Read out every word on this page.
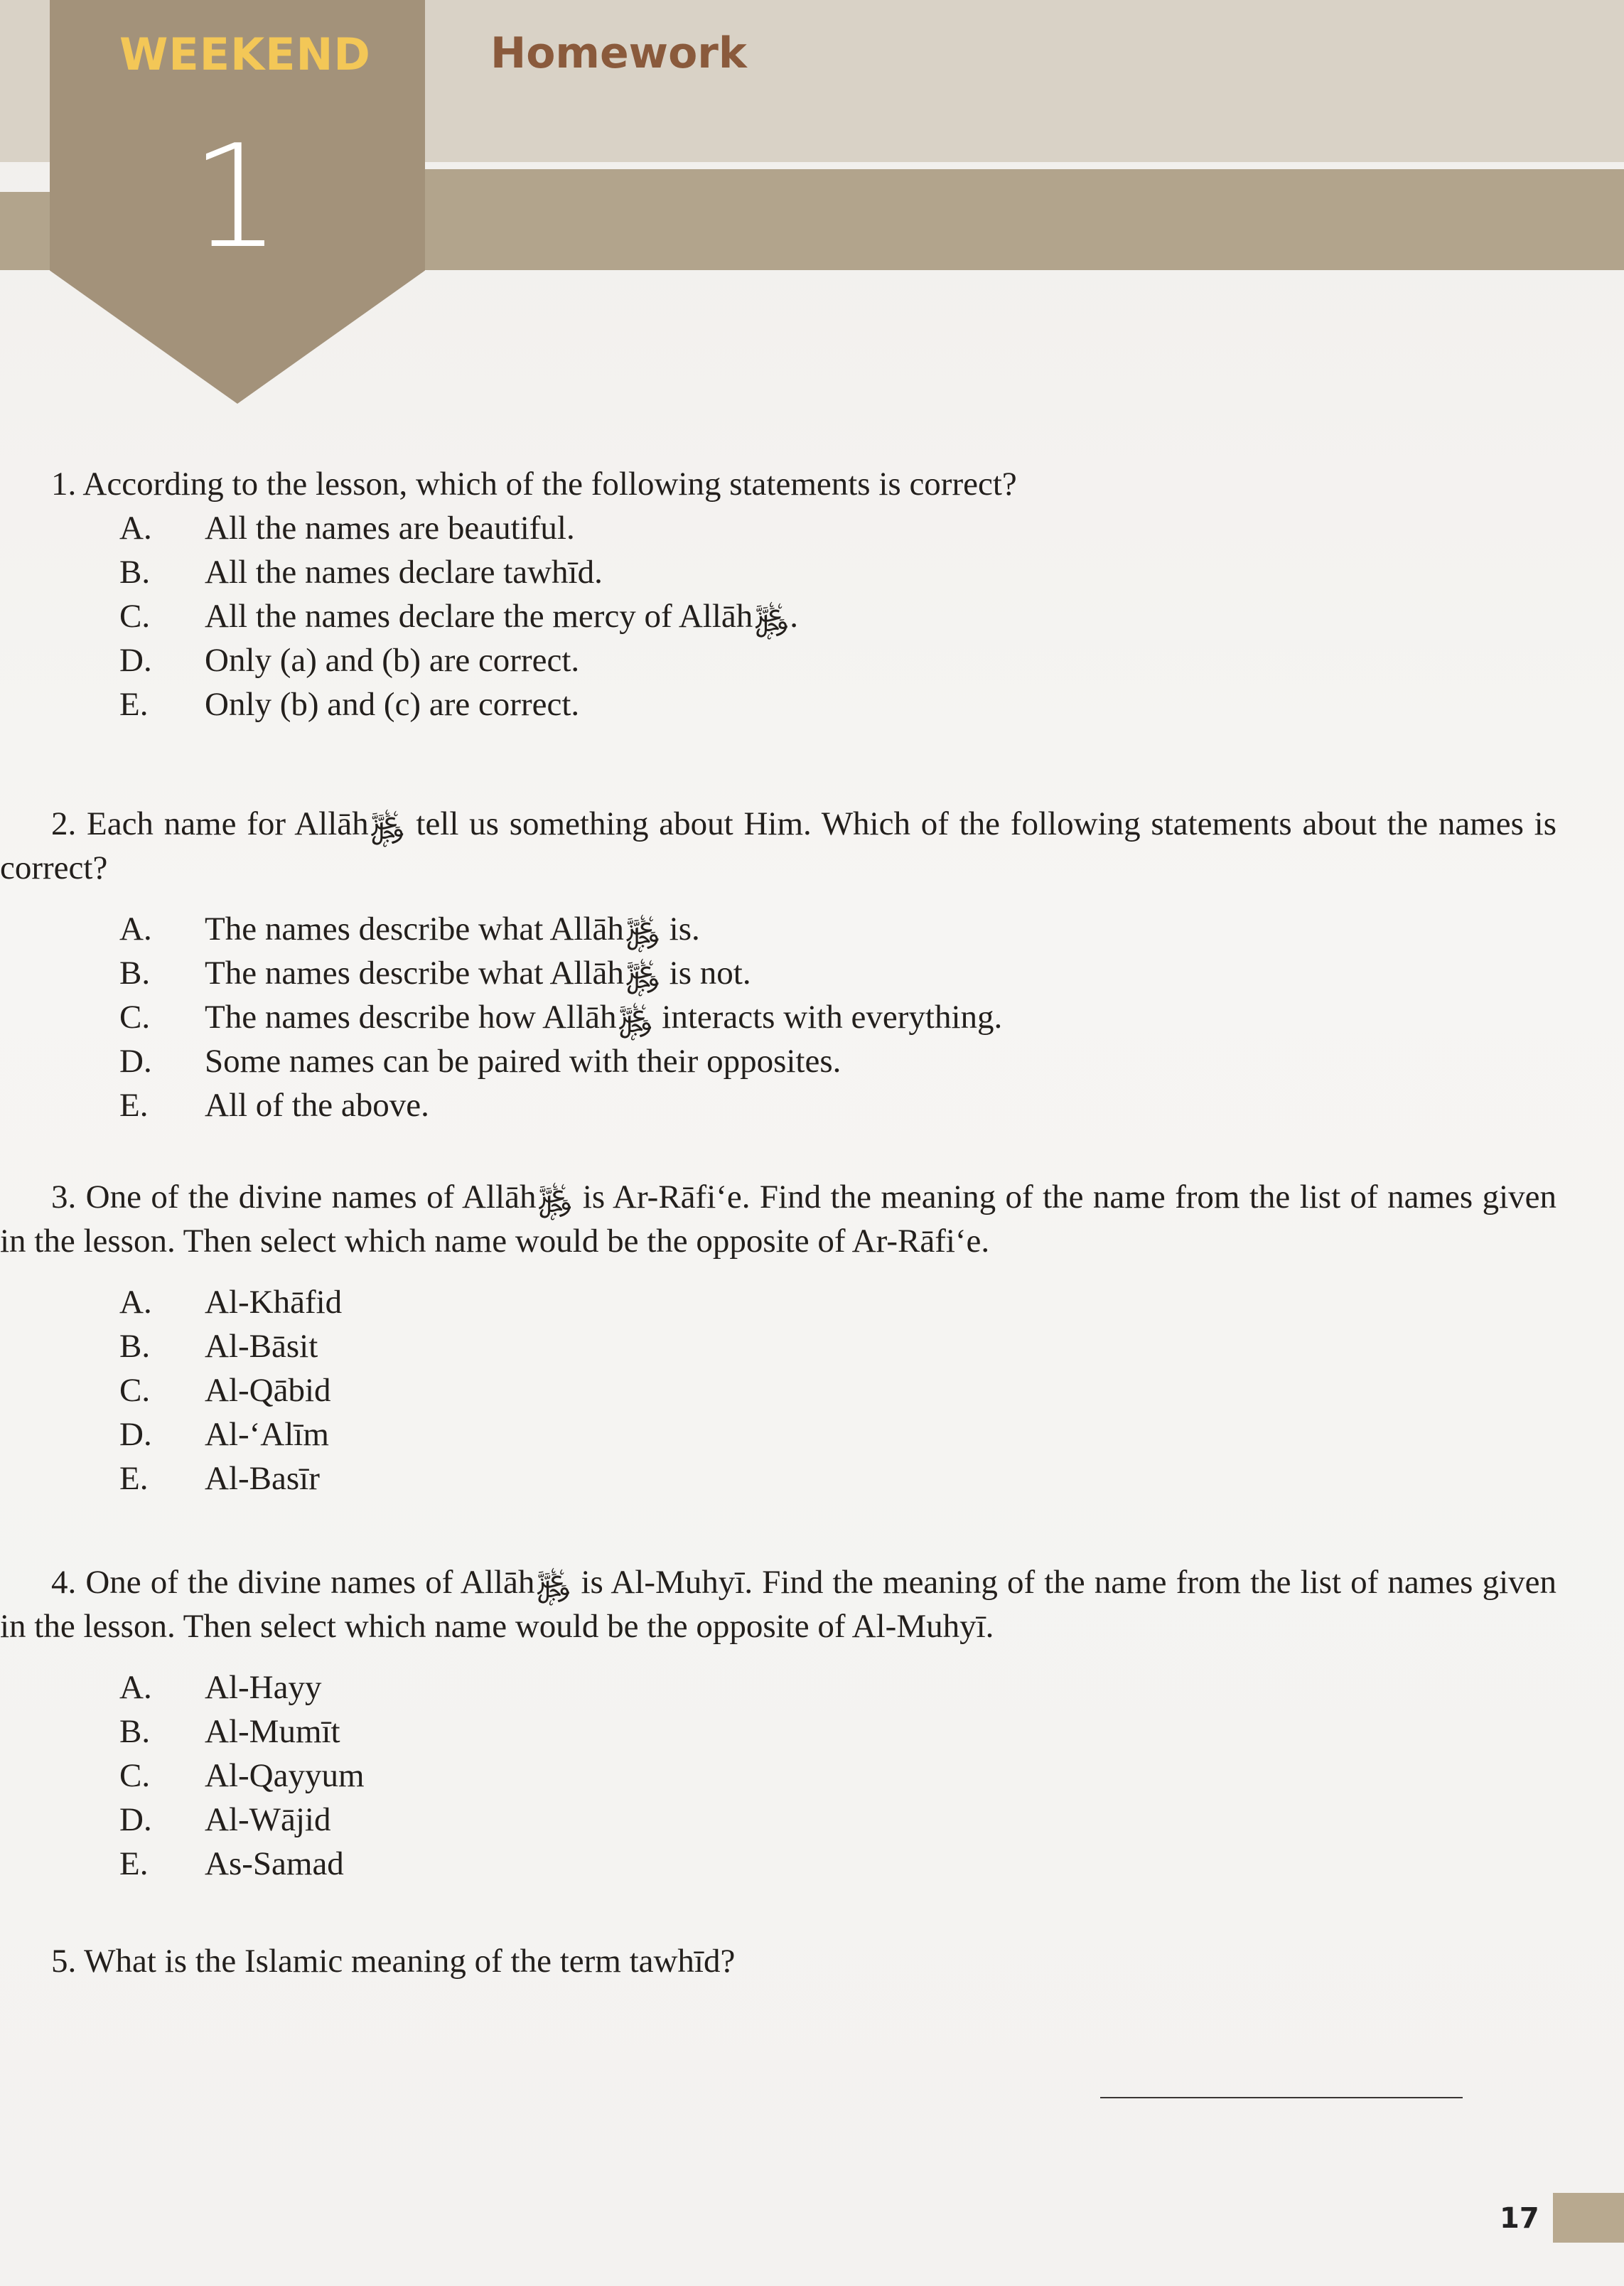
WEEKEND
1
Homework
1. According to the lesson, which of the following statements is correct?
A.	All the names are beautiful.
B.	All the names declare tawhīd.
C.	All the names declare the mercy of Allāh﷿.
D.	Only (a) and (b) are correct.
E.	Only (b) and (c) are correct.
2. Each name for Allāh﷿ tell us something about Him. Which of the following statements about the names is correct?
A.	The names describe what Allāh﷿ is.
B.	The names describe what Allāh﷿ is not.
C.	The names describe how Allāh﷿ interacts with everything.
D.	Some names can be paired with their opposites.
E.	All of the above.
3. One of the divine names of Allāh﷿ is Ar-Rāfi‘e. Find the meaning of the name from the list of names given in the lesson. Then select which name would be the opposite of Ar-Rāfi‘e.
A.	Al-Khāfid
B.	Al-Bāsit
C.	Al-Qābid
D.	Al-‘Alīm
E.	Al-Basīr
4. One of the divine names of Allāh﷿ is Al-Muhyī. Find the meaning of the name from the list of names given in the lesson. Then select which name would be the opposite of Al-Muhyī.
A.	Al-Hayy
B.	Al-Mumīt
C.	Al-Qayyum
D.	Al-Wājid
E.	As-Samad
5. What is the Islamic meaning of the term tawhīd?
17
